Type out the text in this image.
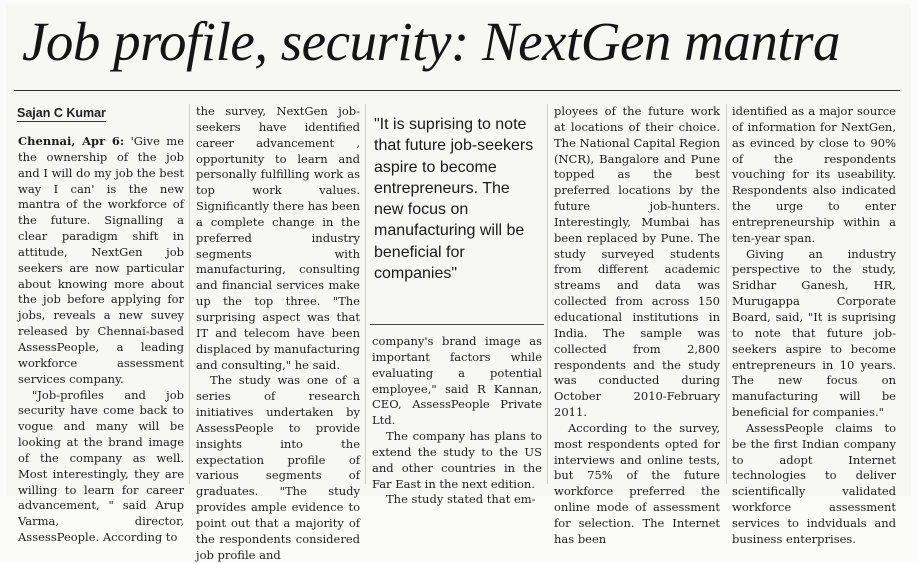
Job profile, security: NextGen mantra
Sajan C Kumar

Chennai, Apr 6: 'Give me the ownership of the job and I will do my job the best way I can' is the new mantra of the workforce of the future. Signalling a clear paradigm shift in attitude, NextGen job seekers are now particular about knowing more about the job before applying for jobs, reveals a new suvey released by Chennai-based AssessPeople, a leading workforce assessment services company.

"Job-profiles and job security have come back to vogue and many will be looking at the brand image of the company as well. Most interestingly, they are willing to learn for career advancement, " said Arup Varma, director, AssessPeople. According to

the survey, NextGen job-seekers have identified career advancement , opportunity to learn and personally fulfilling work as top work values. Significantly there has been a complete change in the preferred industry segments with manufacturing, consulting and financial services make up the top three. "The surprising aspect was that IT and telecom have been displaced by manufacturing and consulting," he said.

The study was one of a series of research initiatives undertaken by AssessPeople to provide insights into the expectation profile of various segments of graduates. "The study provides ample evidence to point out that a majority of the respondents considered job profile and

"It is suprising to note that future job-seekers aspire to become entrepreneurs. The new focus on manufacturing will be beneficial for companies"

company's brand image as important factors while evaluating a potential employee," said R Kannan, CEO, AssessPeople Private Ltd.

The company has plans to extend the study to the US and other countries in the Far East in the next edition.

The study stated that em-

ployees of the future work at locations of their choice. The National Capital Region (NCR), Bangalore and Pune topped as the best preferred locations by the future job-hunters. Interestingly, Mumbai has been replaced by Pune. The study surveyed students from different academic streams and data was collected from across 150 educational institutions in India. The sample was collected from 2,800 respondents and the study was conducted during October 2010-February 2011.

According to the survey, most respondents opted for interviews and online tests, but 75% of the future workforce preferred the online mode of assessment for selection. The Internet has been

identified as a major source of information for NextGen, as evinced by close to 90% of the respondents vouching for its useability. Respondents also indicated the urge to enter entrepreneurship within a ten-year span.

Giving an industry perspective to the study, Sridhar Ganesh, HR, Murugappa Corporate Board, said, "It is suprising to note that future job-seekers aspire to become entrepreneurs in 10 years. The new focus on manufacturing will be beneficial for companies."

AssessPeople claims to be the first Indian company to adopt Internet technologies to deliver scientifically validated workforce assessment services to indviduals and business enterprises.
